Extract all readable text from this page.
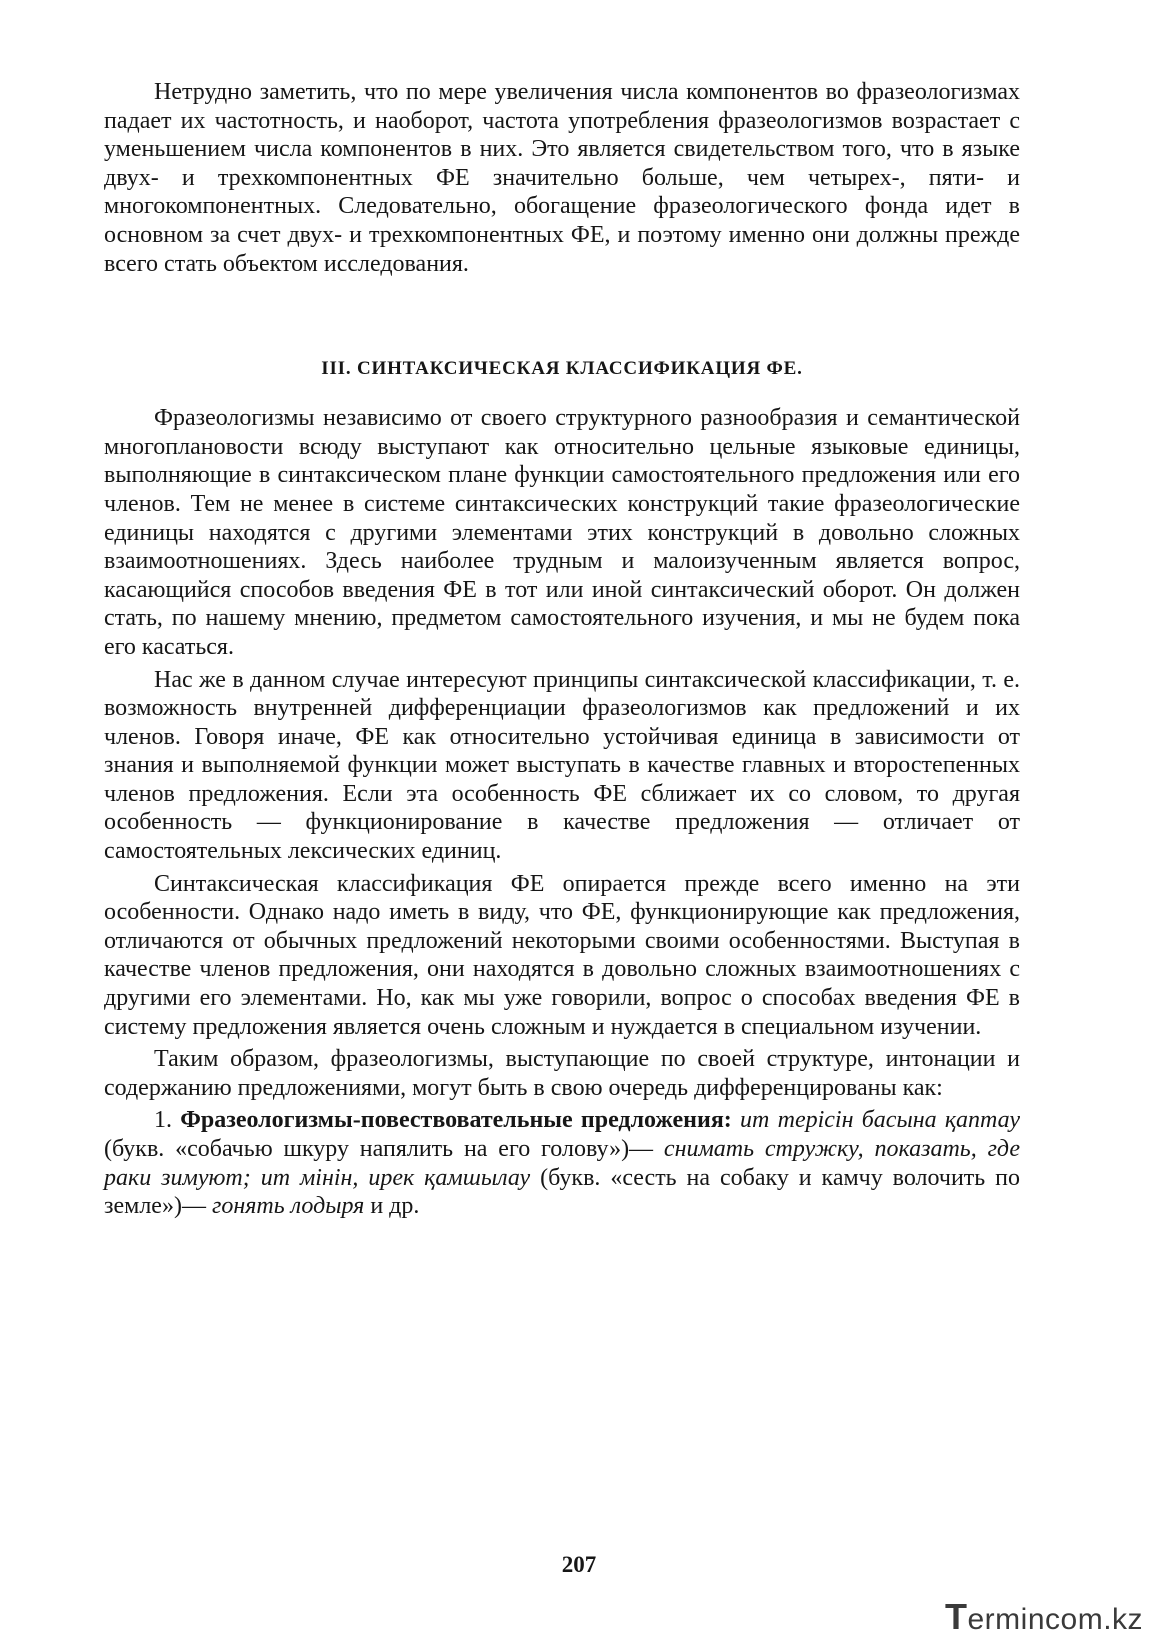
Нетрудно заметить, что по мере увеличения числа компонентов во фразеологизмах падает их частотность, и наоборот, частота употребления фразеологизмов возрастает с уменьшением числа компонентов в них. Это является свидетельством того, что в языке двух- и трехкомпонентных ФЕ значительно больше, чем четырех-, пяти- и многокомпонентных. Следовательно, обогащение фразеологического фонда идет в основном за счет двух- и трехкомпонентных ФЕ, и поэтому именно они должны прежде всего стать объектом исследования.

III. СИНТАКСИЧЕСКАЯ КЛАССИФИКАЦИЯ ФЕ.

Фразеологизмы независимо от своего структурного разнообразия и семантической многоплановости всюду выступают как относительно цельные языковые единицы, выполняющие в синтаксическом плане функции самостоятельного предложения или его членов. Тем не менее в системе синтаксических конструкций такие фразеологические единицы находятся с другими элементами этих конструкций в довольно сложных взаимоотношениях. Здесь наиболее трудным и малоизученным является вопрос, касающийся способов введения ФЕ в тот или иной синтаксический оборот. Он должен стать, по нашему мнению, предметом самостоятельного изучения, и мы не будем пока его касаться.

Нас же в данном случае интересуют принципы синтаксической классификации, т. е. возможность внутренней дифференциации фразеологизмов как предложений и их членов. Говоря иначе, ФЕ как относительно устойчивая единица в зависимости от знания и выполняемой функции может выступать в качестве главных и второстепенных членов предложения. Если эта особенность ФЕ сближает их со словом, то другая особенность — функционирование в качестве предложения — отличает от самостоятельных лексических единиц.

Синтаксическая классификация ФЕ опирается прежде всего именно на эти особенности. Однако надо иметь в виду, что ФЕ, функционирующие как предложения, отличаются от обычных предложений некоторыми своими особенностями. Выступая в качестве членов предложения, они находятся в довольно сложных взаимоотношениях с другими его элементами. Но, как мы уже говорили, вопрос о способах введения ФЕ в систему предложения является очень сложным и нуждается в специальном изучении.

Таким образом, фразеологизмы, выступающие по своей структуре, интонации и содержанию предложениями, могут быть в свою очередь дифференцированы как:

1. Фразеологизмы-повествовательные предложения: ит терісін басына қаптау (букв. «собачью шкуру напялить на его голову»)— снимать стружку, показать, где раки зимуют; ит мінін, ирек қамшылау (букв. «сесть на собаку и камчу волочить по земле»)— гонять лодыря и др.

207
Termincom.kz
